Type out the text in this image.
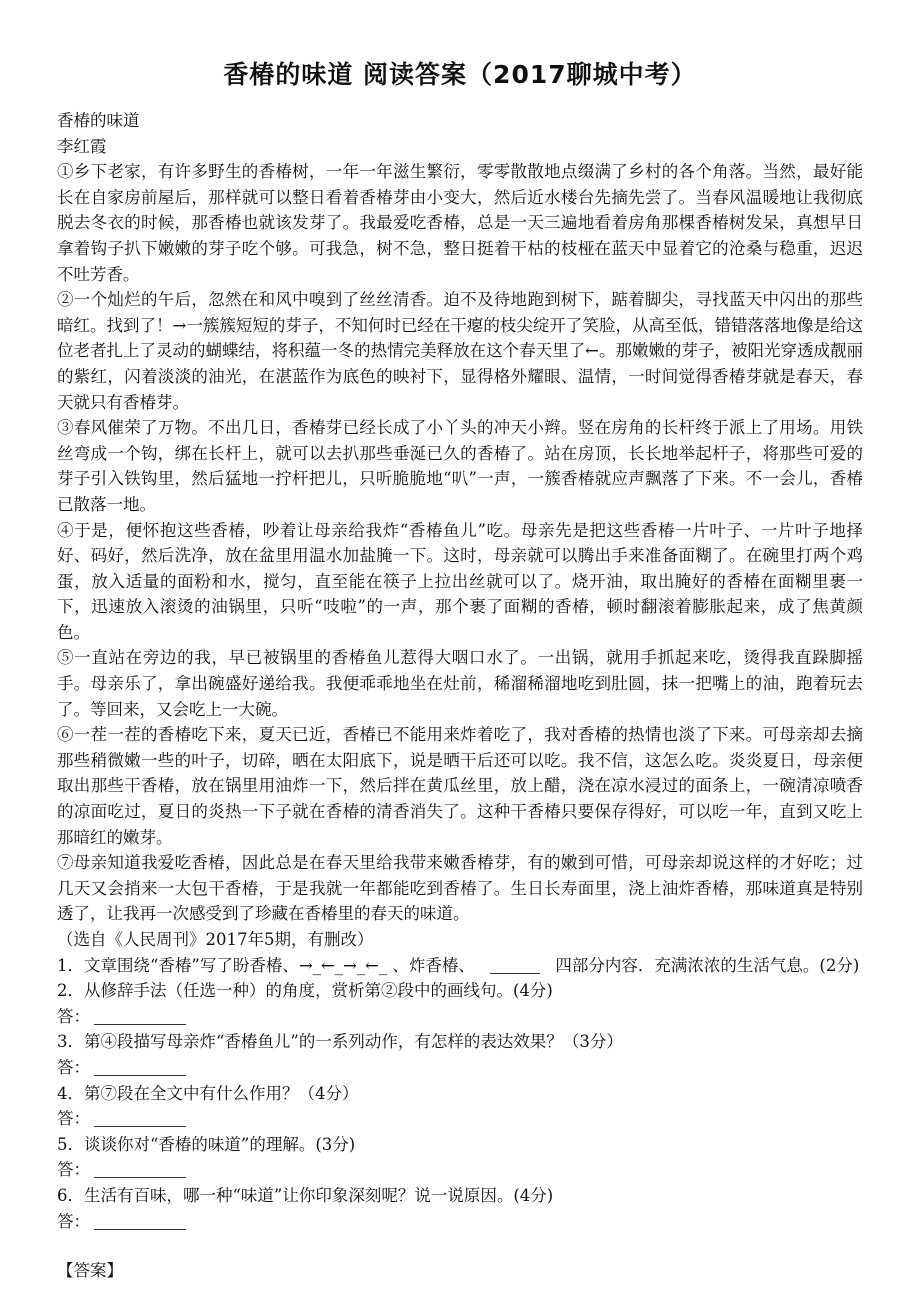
香椿的味道 阅读答案（2017聊城中考）

香椿的味道

李红霞

①乡下老家，有许多野生的香椿树，一年一年滋生繁衍，零零散散地点缀满了乡村的各个角落。当然，最好能长在自家房前屋后，那样就可以整日看着香椿芽由小变大，然后近水楼台先摘先尝了。当春风温暖地让我彻底脱去冬衣的时候，那香椿也就该发芽了。我最爱吃香椿，总是一天三遍地看着房角那棵香椿树发呆，真想早日拿着钩子扒下嫩嫩的芽子吃个够。可我急，树不急，整日挺着干枯的枝桠在蓝天中显着它的沧桑与稳重，迟迟不吐芳香。

②一个灿烂的午后，忽然在和风中嗅到了丝丝清香。迫不及待地跑到树下，踮着脚尖，寻找蓝天中闪出的那些暗红。找到了！→一簇簇短短的芽子，不知何时已经在干瘪的枝尖绽开了笑脸，从高至低，错错落落地像是给这位老者扎上了灵动的蝴蝶结，将积蕴一冬的热情完美释放在这个春天里了←。那嫩嫩的芽子，被阳光穿透成靓丽的紫红，闪着淡淡的油光，在湛蓝作为底色的映衬下，显得格外耀眼、温情，一时间觉得香椿芽就是春天，春天就只有香椿芽。

③春风催荣了万物。不出几日，香椿芽已经长成了小丫头的冲天小辫。竖在房角的长杆终于派上了用场。用铁丝弯成一个钩，绑在长杆上，就可以去扒那些垂涎已久的香椿了。站在房顶，长长地举起杆子，将那些可爱的芽子引入铁钩里，然后猛地一拧杆把儿，只听脆脆地“叭”一声，一簇香椿就应声飘落了下来。不一会儿，香椿已散落一地。

④于是，便怀抱这些香椿，吵着让母亲给我炸“香椿鱼儿”吃。母亲先是把这些香椿一片叶子、一片叶子地择好、码好，然后洗净，放在盆里用温水加盐腌一下。这时，母亲就可以腾出手来准备面糊了。在碗里打两个鸡蛋，放入适量的面粉和水，搅匀，直至能在筷子上拉出丝就可以了。烧开油，取出腌好的香椿在面糊里裹一下，迅速放入滚烫的油锅里，只听“吱啦”的一声，那个裹了面糊的香椿，顿时翻滚着膨胀起来，成了焦黄颜色。

⑤一直站在旁边的我，早已被锅里的香椿鱼儿惹得大咽口水了。一出锅，就用手抓起来吃，烫得我直跺脚摇手。母亲乐了，拿出碗盛好递给我。我便乖乖地坐在灶前，稀溜稀溜地吃到肚圆，抹一把嘴上的油，跑着玩去了。等回来，又会吃上一大碗。

⑥一茬一茬的香椿吃下来，夏天已近，香椿已不能用来炸着吃了，我对香椿的热情也淡了下来。可母亲却去摘那些稍微嫩一些的叶子，切碎，晒在太阳底下，说是晒干后还可以吃。我不信，这怎么吃。炎炎夏日，母亲便取出那些干香椿，放在锅里用油炸一下，然后拌在黄瓜丝里，放上醋，浇在凉水浸过的面条上，一碗清凉喷香的凉面吃过，夏日的炎热一下子就在香椿的清香消失了。这种干香椿只要保存得好，可以吃一年，直到又吃上那暗红的嫩芽。

⑦母亲知道我爱吃香椿，因此总是在春天里给我带来嫩香椿芽，有的嫩到可惜，可母亲却说这样的才好吃；过几天又会捎来一大包干香椿，于是我就一年都能吃到香椿了。生日长寿面里，浇上油炸香椿，那味道真是特别透了，让我再一次感受到了珍藏在香椿里的春天的味道。

（选自《人民周刊》2017年5期，有删改）

1．文章围绕“香椿”写了盼香椿、→_←_→_←_ 、炸香椿、	四部分内容．充满浓浓的生活气息。(2分)

2．从修辞手法（任选一种）的角度，赏析第②段中的画线句。(4分)

答：

3．第④段描写母亲炸“香椿鱼儿”的一系列动作，有怎样的表达效果？（3分）

答：

4．第⑦段在全文中有什么作用？（4分）

答：

5．谈谈你对“香椿的味道”的理解。(3分)

答：

6．生活有百味，哪一种“味道”让你印象深刻呢？说一说原因。(4分)

答：

【答案】
